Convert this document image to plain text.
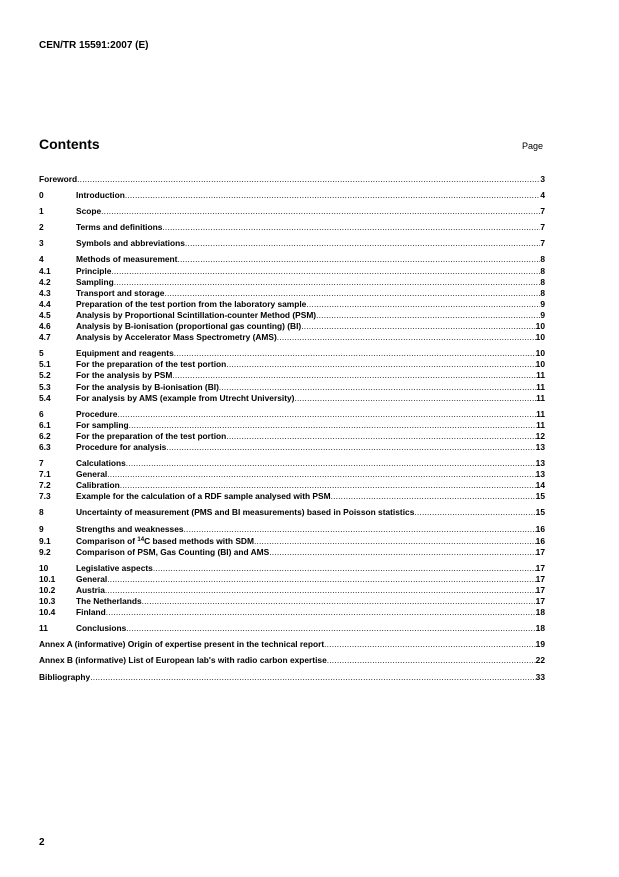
CEN/TR 15591:2007 (E)
Contents	Page
Foreword .....	3
0	Introduction .....	4
1	Scope .....	7
2	Terms and definitions .....	7
3	Symbols and abbreviations .....	7
4	Methods of measurement .....	8
4.1	Principle .....	8
4.2	Sampling .....	8
4.3	Transport and storage .....	8
4.4	Preparation of the test portion from the laboratory sample .....	9
4.5	Analysis by Proportional Scintillation-counter Method (PSM) .....	9
4.6	Analysis by B-ionisation (proportional gas counting) (BI) .....	10
4.7	Analysis by Accelerator Mass Spectrometry (AMS) .....	10
5	Equipment and reagents .....	10
5.1	For the preparation of the test portion .....	10
5.2	For the analysis by PSM .....	11
5.3	For the analysis by B-ionisation (BI) .....	11
5.4	For analysis by AMS (example from Utrecht University) .....	11
6	Procedure .....	11
6.1	For sampling .....	11
6.2	For the preparation of the test portion .....	12
6.3	Procedure for analysis .....	13
7	Calculations .....	13
7.1	General .....	13
7.2	Calibration .....	14
7.3	Example for the calculation of a RDF sample analysed with PSM .....	15
8	Uncertainty of measurement (PMS and BI measurements) based in Poisson statistics .....	15
9	Strengths and weaknesses .....	16
9.1	Comparison of $^{14}$C based methods with SDM .....	16
9.2	Comparison of PSM, Gas Counting (BI) and AMS .....	17
10	Legislative aspects .....	17
10.1	General .....	17
10.2	Austria .....	17
10.3	The Netherlands .....	17
10.4	Finland .....	18
11	Conclusions .....	18
Annex A (informative) Origin of expertise present in the technical report .....	19
Annex B (informative) List of European lab's with radio carbon expertise .....	22
Bibliography .....	33
2
